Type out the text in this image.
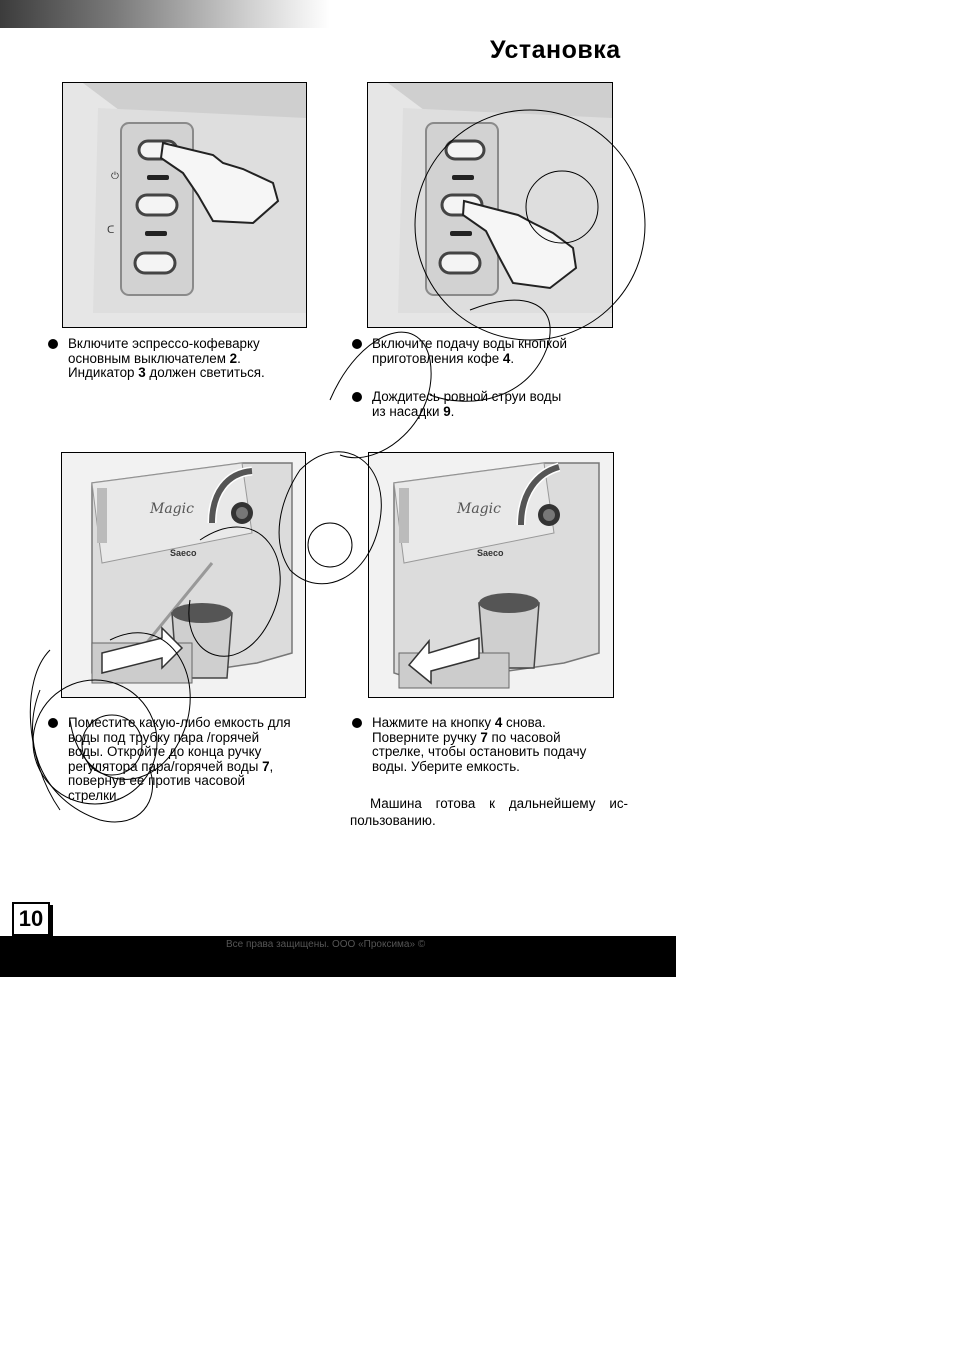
Установка
⏻
ᑕ
Magic
Saeco
Magic
Saeco
Включите эспрессо-кофеварку
основным выключателем 2.
Индикатор 3 должен светиться.
Включите подачу воды кнопкой
приготовления кофе 4.
Дождитесь ровной струи воды
из насадки 9.
Поместите какую-либо емкость для
воды под трубку пара /горячей
воды. Откройте до конца ручку
регулятора пара/горячей воды 7,
повернув ее против часовой
стрелки.
Нажмите на кнопку 4 снова.
Поверните ручку 7 по часовой
стрелке, чтобы остановить подачу
воды. Уберите емкость.
Машина готова к дальнейшему использованию.
10
Все права защищены. ООО «Проксима» ©
